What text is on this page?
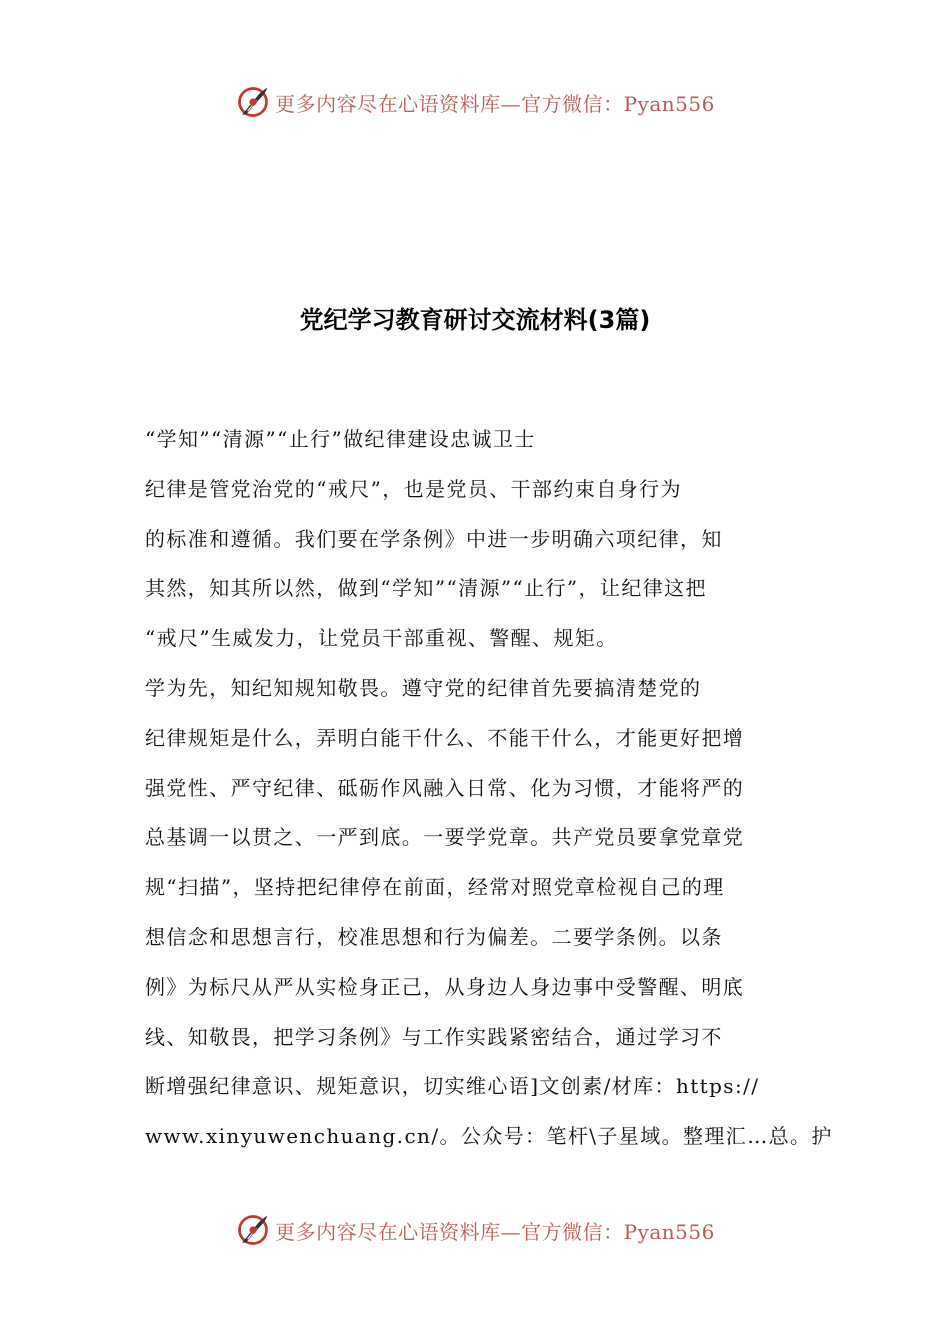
更多内容尽在心语资料库—官方微信：Pyan556
党纪学习教育研讨交流材料(3篇)
“学知”“清源”“止行”做纪律建设忠诚卫士
纪律是管党治党的“戒尺”，也是党员、干部约束自身行为
的标准和遵循。我们要在学条例》中进一步明确六项纪律，知
其然，知其所以然，做到“学知”“清源”“止行”，让纪律这把
“戒尺”生威发力，让党员干部重视、警醒、规矩。
学为先，知纪知规知敬畏。遵守党的纪律首先要搞清楚党的
纪律规矩是什么，弄明白能干什么、不能干什么，才能更好把增
强党性、严守纪律、砥砺作风融入日常、化为习惯，才能将严的
总基调一以贯之、一严到底。一要学党章。共产党员要拿党章党
规“扫描”，坚持把纪律停在前面，经常对照党章检视自己的理
想信念和思想言行，校准思想和行为偏差。二要学条例。以条
例》为标尺从严从实检身正己，从身边人身边事中受警醒、明底
线、知敬畏，把学习条例》与工作实践紧密结合，通过学习不
断增强纪律意识、规矩意识，切实维心语]文创素/材库：https://
www.xinyuwenchuang.cn/。公众号：笔杆\子星域。整理汇…总。护
更多内容尽在心语资料库—官方微信：Pyan556
